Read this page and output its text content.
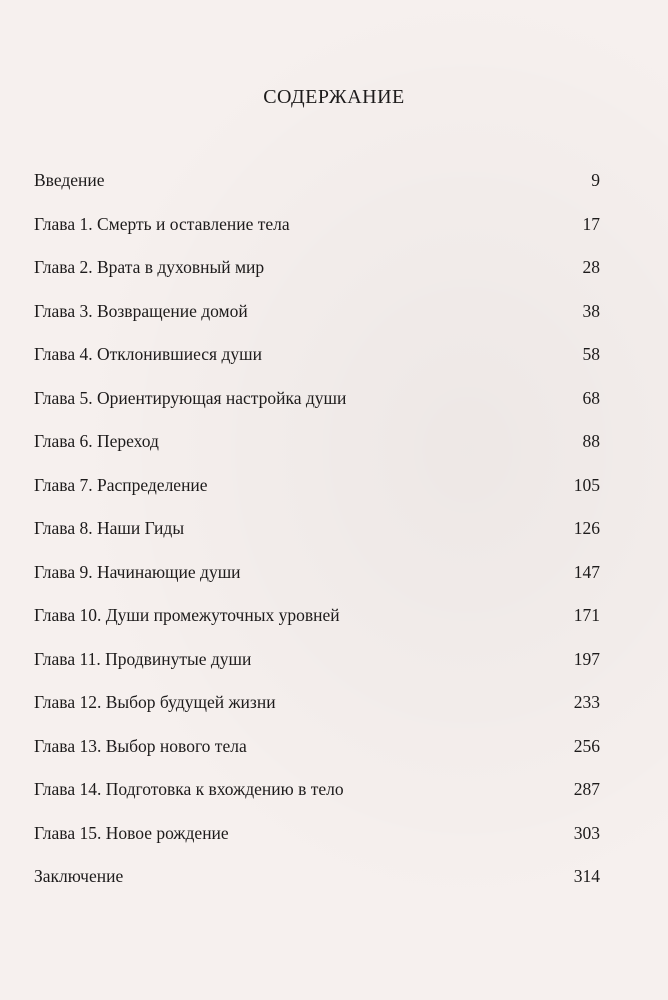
СОДЕРЖАНИЕ
Введение	9
Глава 1. Смерть и оставление тела	17
Глава 2. Врата в духовный мир	28
Глава 3. Возвращение домой	38
Глава 4. Отклонившиеся души	58
Глава 5. Ориентирующая настройка души	68
Глава 6. Переход	88
Глава 7. Распределение	105
Глава 8. Наши Гиды	126
Глава 9. Начинающие души	147
Глава 10. Души промежуточных уровней	171
Глава 11. Продвинутые души	197
Глава 12. Выбор будущей жизни	233
Глава 13. Выбор нового тела	256
Глава 14. Подготовка к вхождению в тело	287
Глава 15. Новое рождение	303
Заключение	314
